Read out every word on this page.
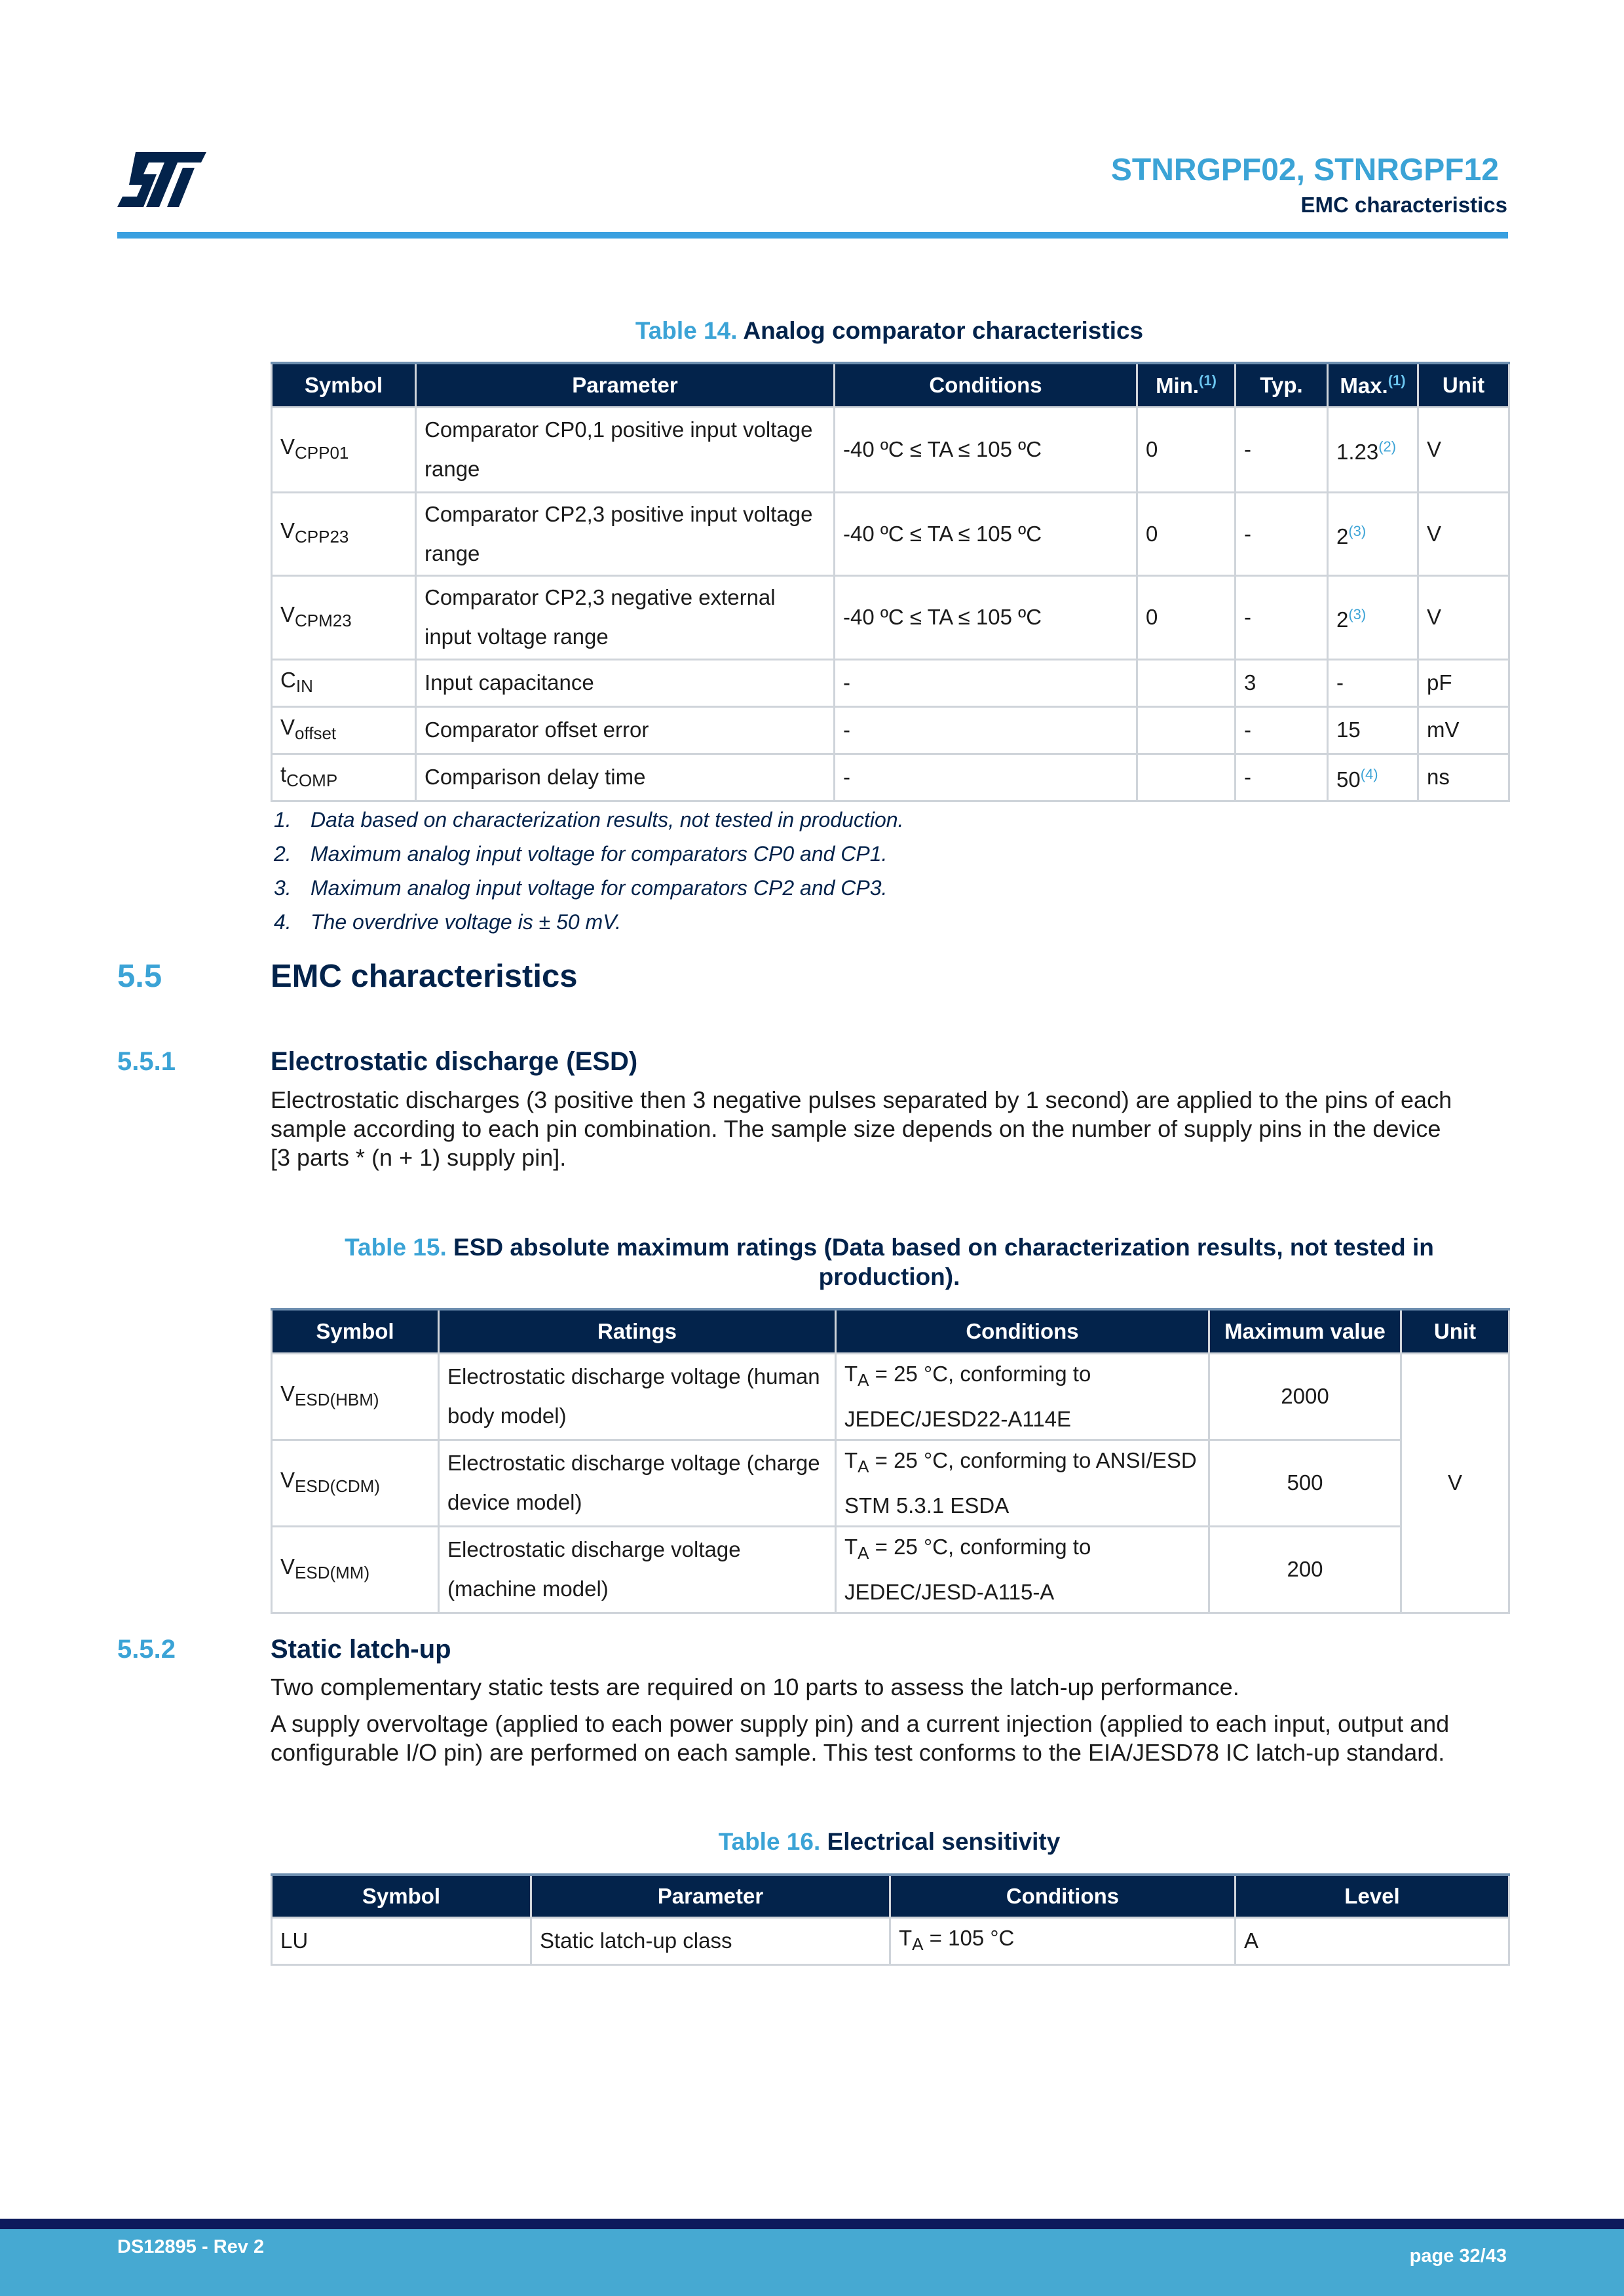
STNRGPF02, STNRGPF12
EMC characteristics
Table 14. Analog comparator characteristics
Symbol	Parameter	Conditions	Min.$^{(1)}$	Typ.	Max.$^{(1)}$	Unit
$V_{CPP01}$	Comparator CP0,1 positive input voltage range	-40 ºC ≤ TA ≤ 105 ºC	0	-	1.23$^{(2)}$	V
$V_{CPP23}$	Comparator CP2,3 positive input voltage range	-40 ºC ≤ TA ≤ 105 ºC	0	-	2$^{(3)}$	V
$V_{CPM23}$	Comparator CP2,3 negative external input voltage range	-40 ºC ≤ TA ≤ 105 ºC	0	-	2$^{(3)}$	V
$C_{IN}$	Input capacitance	-		3	-	pF
$V_{offset}$	Comparator offset error	-		-	15	mV
$t_{COMP}$	Comparison delay time	-		-	50$^{(4)}$	ns
1. Data based on characterization results, not tested in production.
2. Maximum analog input voltage for comparators CP0 and CP1.
3. Maximum analog input voltage for comparators CP2 and CP3.
4. The overdrive voltage is ± 50 mV.
5.5	EMC characteristics
5.5.1	Electrostatic discharge (ESD)
Electrostatic discharges (3 positive then 3 negative pulses separated by 1 second) are applied to the pins of each
sample according to each pin combination. The sample size depends on the number of supply pins in the device
[3 parts * (n + 1) supply pin].
Table 15. ESD absolute maximum ratings (Data based on characterization results, not tested in
production).
Symbol	Ratings	Conditions	Maximum value	Unit
$V_{ESD(HBM)}$	Electrostatic discharge voltage (human body model)	$T_A = 25$ °C, conforming to JEDEC/JESD22-A114E	2000	V
$V_{ESD(CDM)}$	Electrostatic discharge voltage (charge device model)	$T_A = 25$ °C, conforming to ANSI/ESD STM 5.3.1 ESDA	500	
$V_{ESD(MM)}$	Electrostatic discharge voltage (machine model)	$T_A = 25$ °C, conforming to JEDEC/JESD-A115-A	200	
5.5.2	Static latch-up
Two complementary static tests are required on 10 parts to assess the latch-up performance.
A supply overvoltage (applied to each power supply pin) and a current injection (applied to each input, output and
configurable I/O pin) are performed on each sample. This test conforms to the EIA/JESD78 IC latch-up standard.
Table 16. Electrical sensitivity
Symbol	Parameter	Conditions	Level
LU	Static latch-up class	$T_A = 105$ °C	A
DS12895 - Rev 2	page 32/43
